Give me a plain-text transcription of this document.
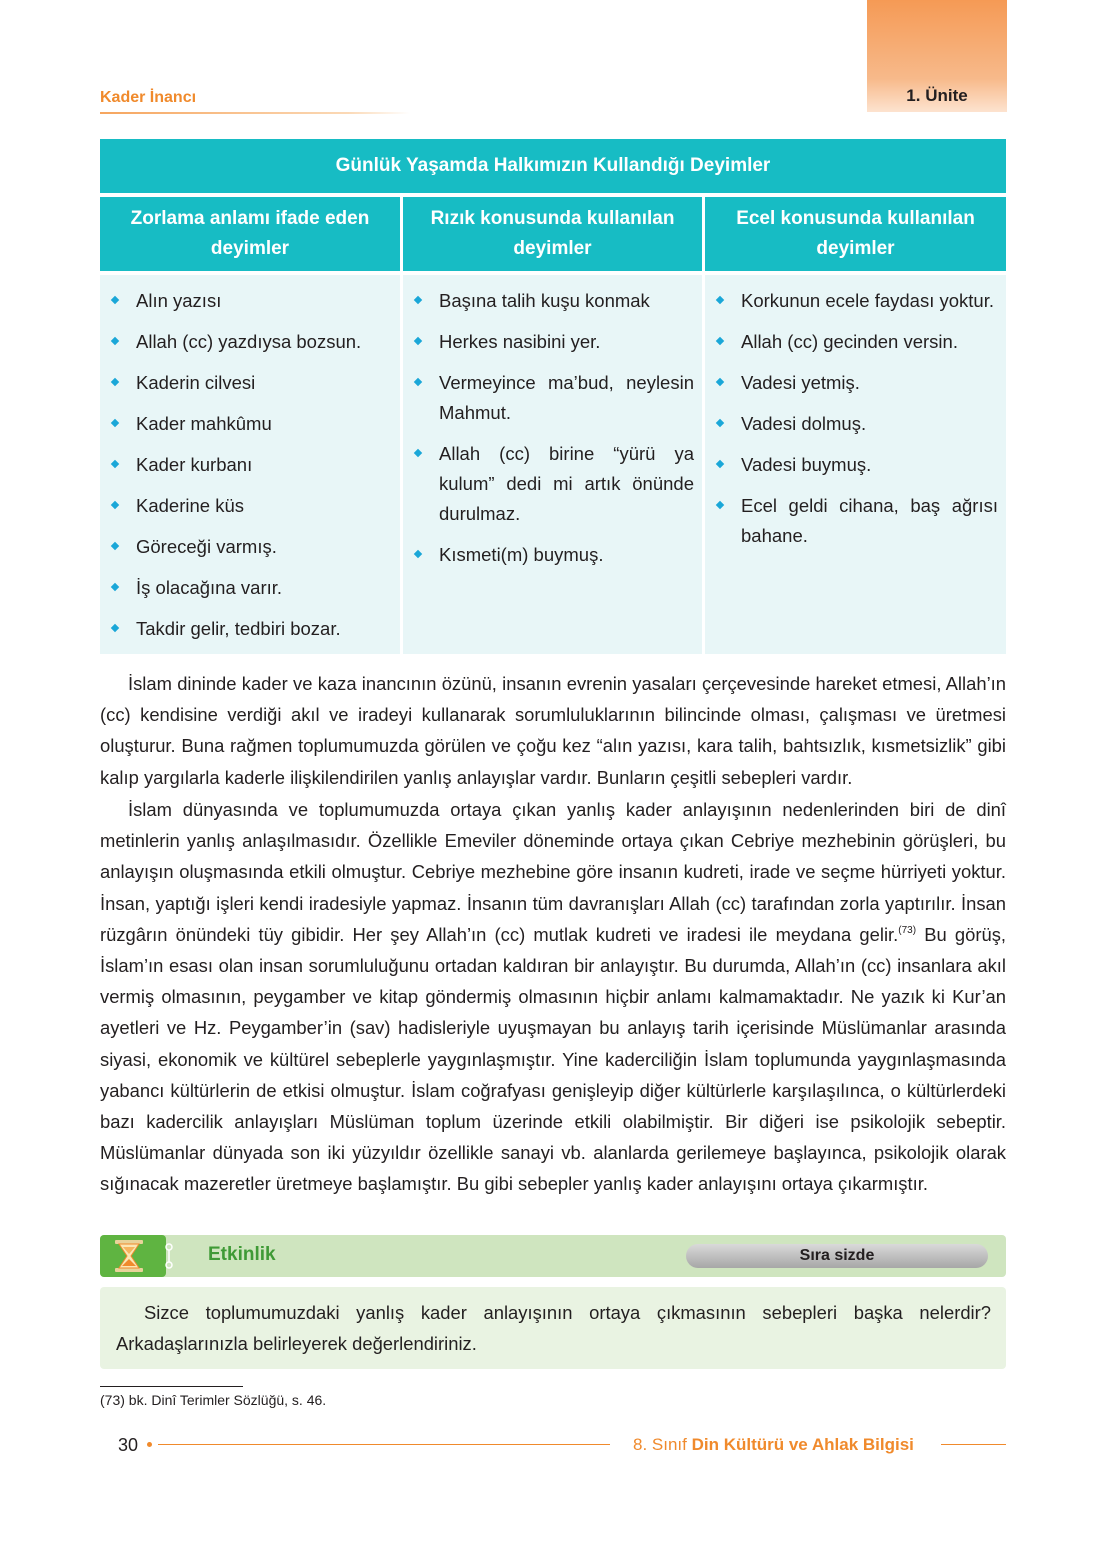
1. Ünite
Kader İnancı
Günlük Yaşamda Halkımızın Kullandığı Deyimler
Zorlama anlamı ifade eden deyimler
Rızık konusunda kullanılan deyimler
Ecel konusunda kullanılan deyimler
Alın yazısı
Allah (cc) yazdıysa bozsun.
Kaderin cilvesi
Kader mahkûmu
Kader kurbanı
Kaderine küs
Göreceği varmış.
İş olacağına varır.
Takdir gelir, tedbiri bozar.
Başına talih kuşu konmak
Herkes nasibini yer.
Vermeyince ma’bud, neylesin Mahmut.
Allah (cc) birine “yürü ya kulum” dedi mi artık önünde durulmaz.
Kısmeti(m) buymuş.
Korkunun ecele faydası yoktur.
Allah (cc) gecinden versin.
Vadesi yetmiş.
Vadesi dolmuş.
Vadesi buymuş.
Ecel geldi cihana, baş ağrısı bahane.

İslam dininde kader ve kaza inancının özünü, insanın evrenin yasaları çerçevesinde hareket etmesi, Allah’ın (cc) kendisine verdiği akıl ve iradeyi kullanarak sorumluluklarının bilincinde olması, çalışması ve üretmesi oluşturur. Buna rağmen toplumumuzda görülen ve çoğu kez “alın yazısı, kara talih, bahtsızlık, kısmetsizlik” gibi kalıp yargılarla kaderle ilişkilendirilen yanlış anlayışlar vardır. Bunların çeşitli sebepleri vardır.

İslam dünyasında ve toplumumuzda ortaya çıkan yanlış kader anlayışının nedenlerinden biri de dinî metinlerin yanlış anlaşılmasıdır. Özellikle Emeviler döneminde ortaya çıkan Cebriye mezhebinin görüşleri, bu anlayışın oluşmasında etkili olmuştur. Cebriye mezhebine göre insanın kudreti, irade ve seçme hürriyeti yoktur. İnsan, yaptığı işleri kendi iradesiyle yapmaz. İnsanın tüm davranışları Allah (cc) tarafından zorla yaptırılır. İnsan rüzgârın önündeki tüy gibidir. Her şey Allah’ın (cc) mutlak kudreti ve iradesi ile meydana gelir.$^{(73)}$ Bu görüş, İslam’ın esası olan insan sorumluluğunu ortadan kaldıran bir anlayıştır. Bu durumda, Allah’ın (cc) insanlara akıl vermiş olmasının, peygamber ve kitap göndermiş olmasının hiçbir anlamı kalmamaktadır. Ne yazık ki Kur’an ayetleri ve Hz. Peygamber’in (sav) hadisleriyle uyuşmayan bu anlayış tarih içerisinde Müslümanlar arasında siyasi, ekonomik ve kültürel sebeplerle yaygınlaşmıştır. Yine kaderciliğin İslam toplumunda yaygınlaşmasında yabancı kültürlerin de etkisi olmuştur. İslam coğrafyası genişleyip diğer kültürlerle karşılaşılınca, o kültürlerdeki bazı kadercilik anlayışları Müslüman toplum üzerinde etkili olabilmiştir. Bir diğeri ise psikolojik sebeptir. Müslümanlar dünyada son iki yüzyıldır özellikle sanayi vb. alanlarda gerilemeye başlayınca, psikolojik olarak sığınacak mazeretler üretmeye başlamıştır. Bu gibi sebepler yanlış kader anlayışını ortaya çıkarmıştır.

Etkinlik	Sıra sizde

Sizce toplumumuzdaki yanlış kader anlayışının ortaya çıkmasının sebepleri başka nelerdir? Arkadaşlarınızla belirleyerek değerlendiriniz.

(73) bk. Dinî Terimler Sözlüğü, s. 46.
30	8. Sınıf Din Kültürü ve Ahlak Bilgisi
